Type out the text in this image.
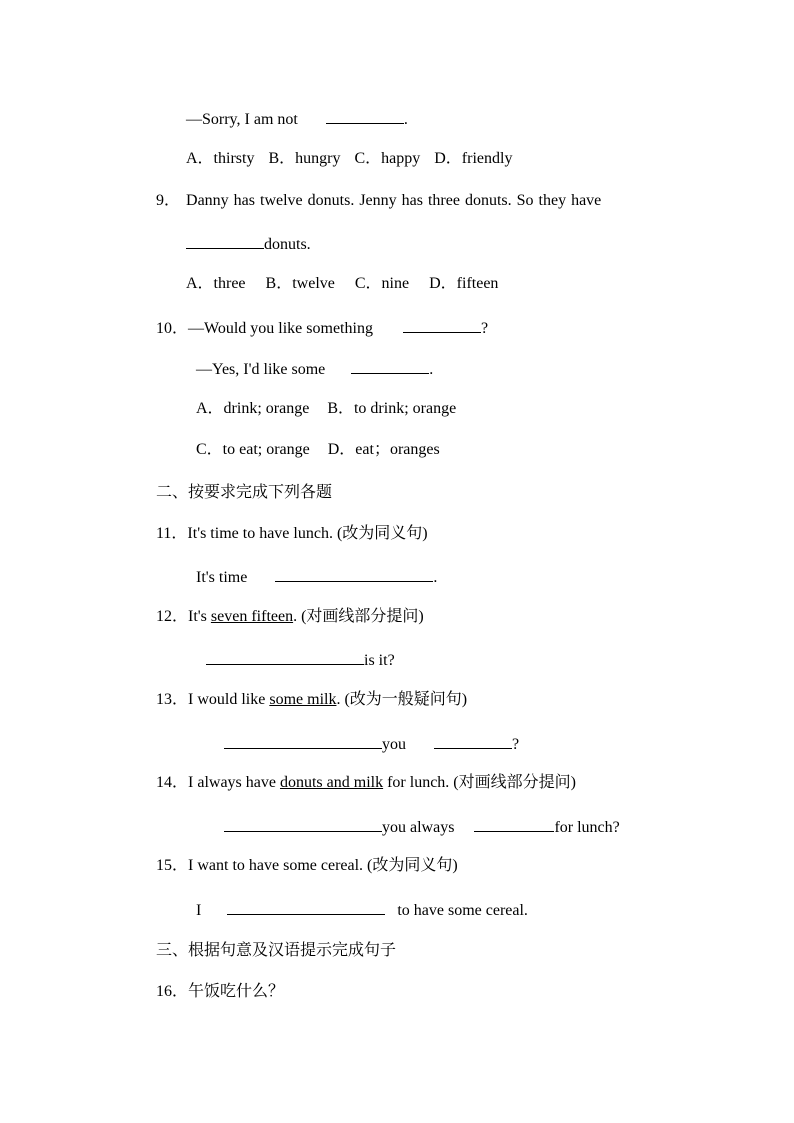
—Sorry, I am not	.
A．thirsty B．hungry C．happy D．friendly
9． Danny has twelve donuts. Jenny has three donuts. So they have
donuts.
A．three B．twelve C．nine D．fifteen
10．—Would you like something	?
—Yes, I'd like some	.
A．drink; orange B．to drink; orange
C．to eat; orange D．eat；oranges
二、按要求完成下列各题
11．It's time to have lunch. (改为同义句)
It's time	.
12．It's seven fifteen. (对画线部分提问)
is it?
13．I would like some milk. (改为一般疑问句)
you	?
14．I always have donuts and milk for lunch. (对画线部分提问)
you always	for lunch?
15．I want to have some cereal. (改为同义句)
I	to have some cereal.
三、根据句意及汉语提示完成句子
16．午饭吃什么？
